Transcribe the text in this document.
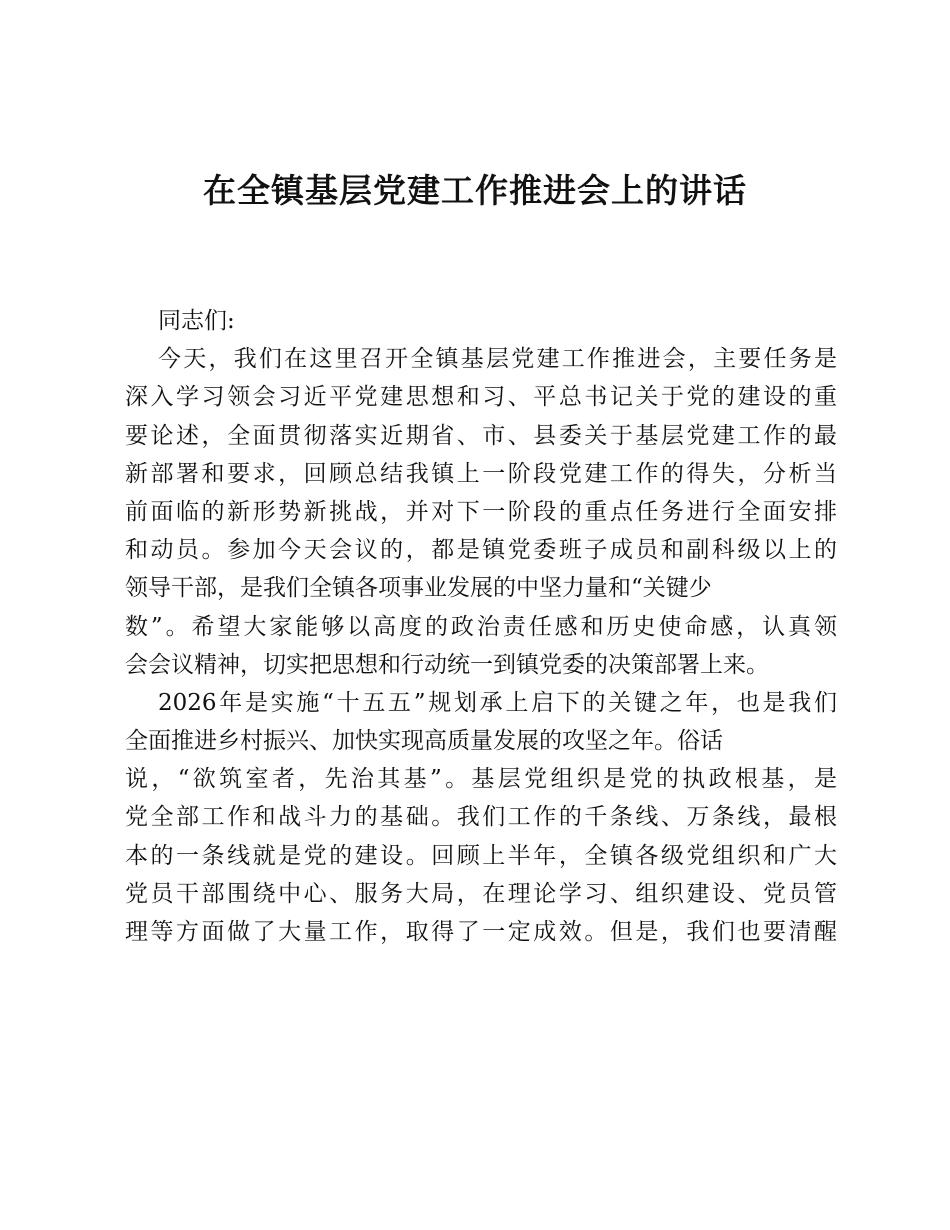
在全镇基层党建工作推进会上的讲话
同志们:
今天，我们在这里召开全镇基层党建工作推进会，主要任务是
深入学习领会习近平党建思想和习、平总书记关于党的建设的重
要论述，全面贯彻落实近期省、市、县委关于基层党建工作的最
新部署和要求，回顾总结我镇上一阶段党建工作的得失，分析当
前面临的新形势新挑战，并对下一阶段的重点任务进行全面安排
和动员。参加今天会议的，都是镇党委班子成员和副科级以上的
领导干部，是我们全镇各项事业发展的中坚力量和“关键少
数”。希望大家能够以高度的政治责任感和历史使命感，认真领
会会议精神，切实把思想和行动统一到镇党委的决策部署上来。
2026年是实施“十五五”规划承上启下的关键之年，也是我们
全面推进乡村振兴、加快实现高质量发展的攻坚之年。俗话
说，“欲筑室者，先治其基”。基层党组织是党的执政根基，是
党全部工作和战斗力的基础。我们工作的千条线、万条线，最根
本的一条线就是党的建设。回顾上半年，全镇各级党组织和广大
党员干部围绕中心、服务大局，在理论学习、组织建设、党员管
理等方面做了大量工作，取得了一定成效。但是，我们也要清醒
